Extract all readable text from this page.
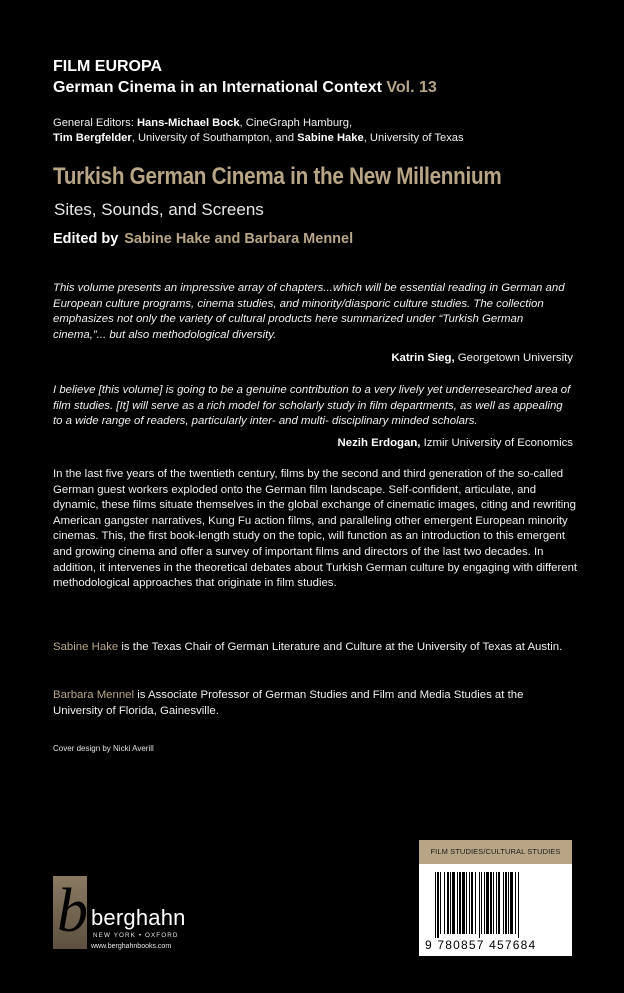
FILM EUROPA
German Cinema in an International Context Vol. 13
General Editors: Hans-Michael Bock, CineGraph Hamburg,
Tim Bergfelder, University of Southampton, and Sabine Hake, University of Texas
Turkish German Cinema in the New Millennium
Sites, Sounds, and Screens
Edited by Sabine Hake and Barbara Mennel
This volume presents an impressive array of chapters...which will be essential reading in German and European culture programs, cinema studies, and minority/diasporic culture studies. The collection emphasizes not only the variety of cultural products here summarized under “Turkish German cinema,”... but also methodological diversity.
Katrin Sieg, Georgetown University
I believe [this volume] is going to be a genuine contribution to a very lively yet underresearched area of film studies. [It] will serve as a rich model for scholarly study in film departments, as well as appealing to a wide range of readers, particularly inter- and multi- disciplinary minded scholars.
Nezih Erdogan, Izmir University of Economics
In the last five years of the twentieth century, films by the second and third generation of the so-called German guest workers exploded onto the German film landscape. Self-confident, articulate, and dynamic, these films situate themselves in the global exchange of cinematic images, citing and rewriting American gangster narratives, Kung Fu action films, and paralleling other emergent European minority cinemas. This, the first book-length study on the topic, will function as an introduction to this emergent and growing cinema and offer a survey of important films and directors of the last two decades. In addition, it intervenes in the theoretical debates about Turkish German culture by engaging with different methodological approaches that originate in film studies.
Sabine Hake is the Texas Chair of German Literature and Culture at the University of Texas at Austin.
Barbara Mennel is Associate Professor of German Studies and Film and Media Studies at the University of Florida, Gainesville.
Cover design by Nicki Averill
b berghahn
NEW YORK • OXFORD
www.berghahnbooks.com
FILM STUDIES/CULTURAL STUDIES
9 780857 457684
